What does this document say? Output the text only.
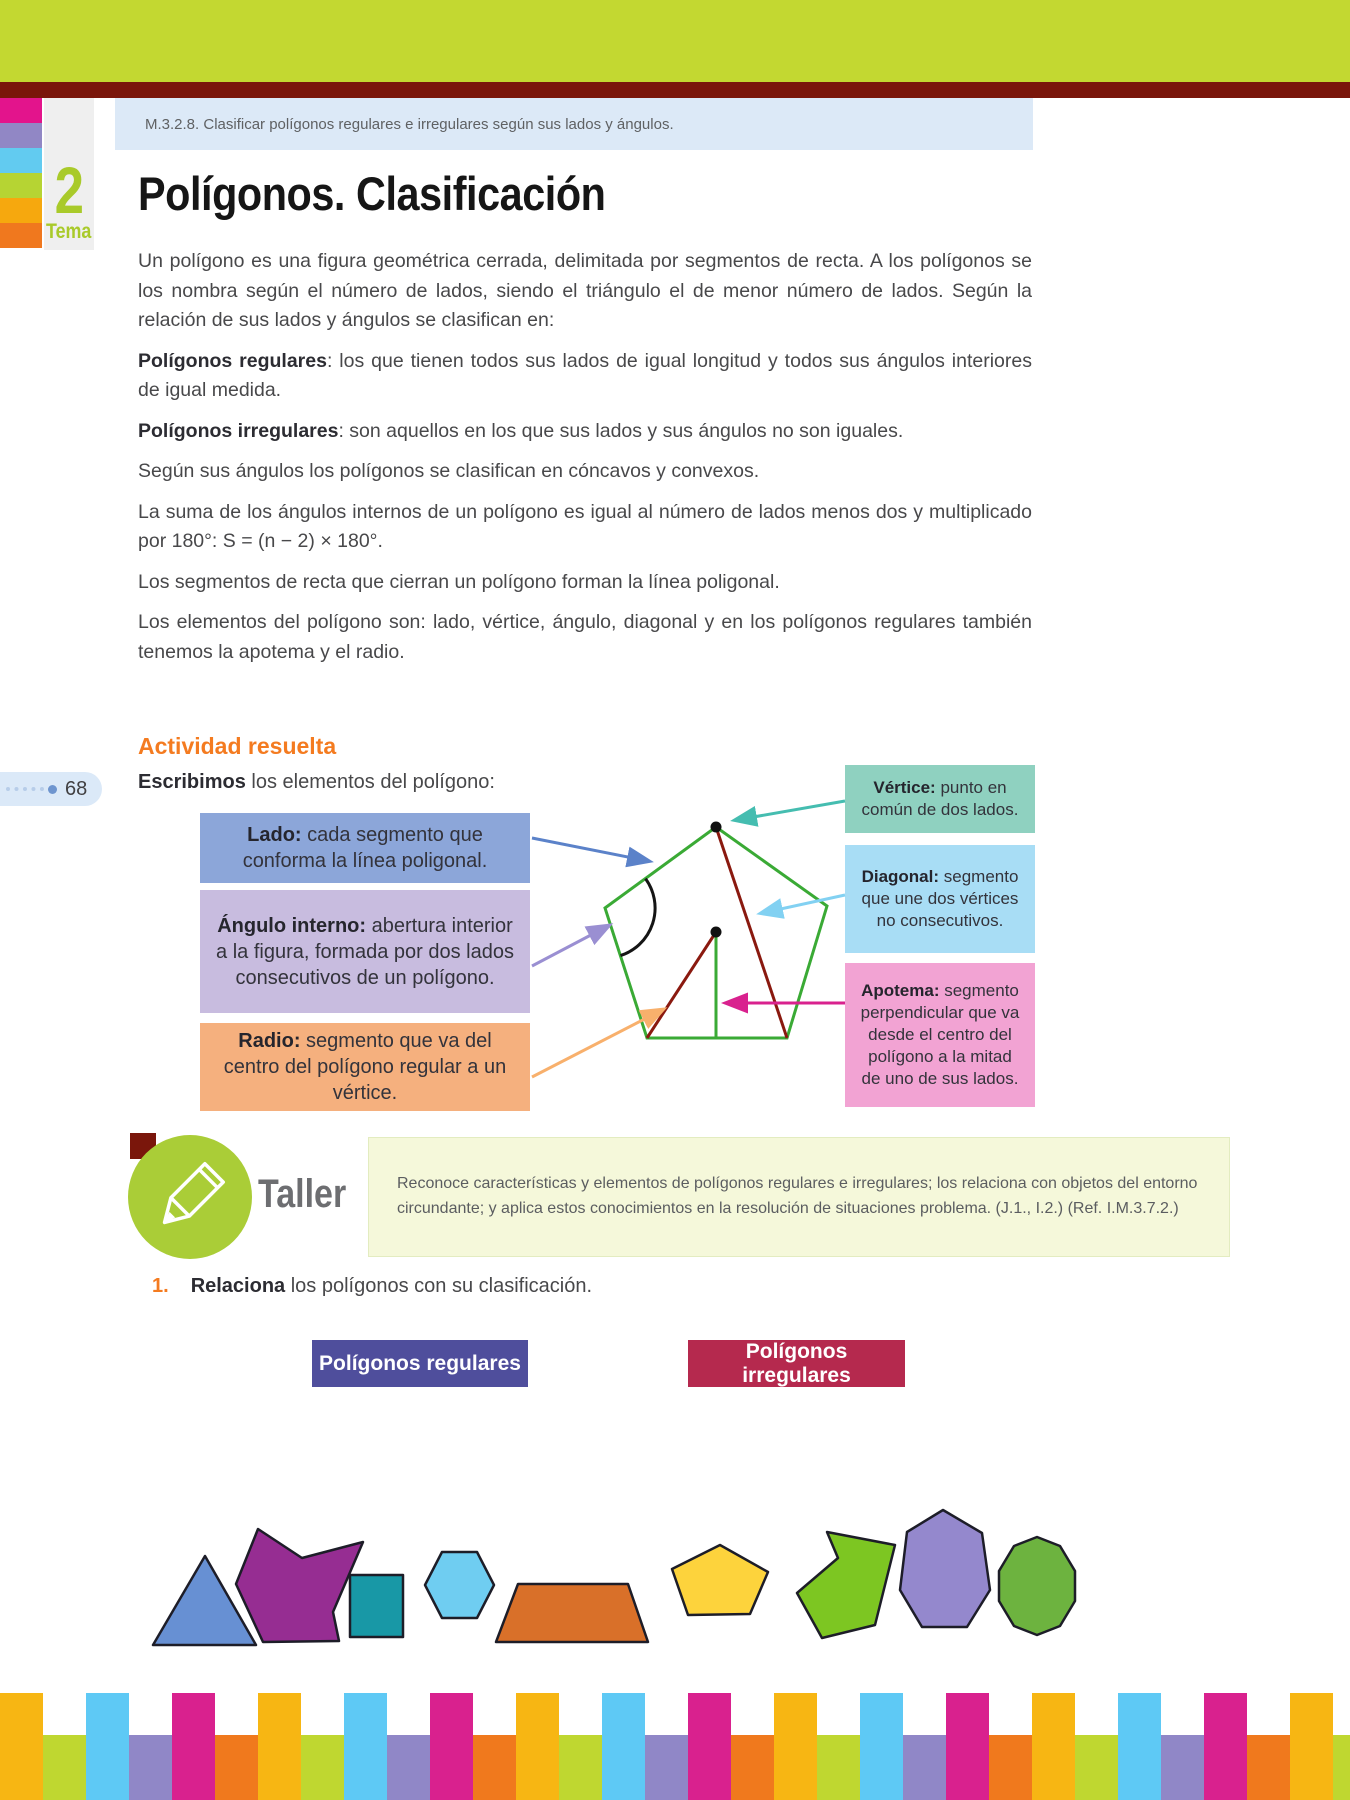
2
Tema
M.3.2.8. Clasificar polígonos regulares e irregulares según sus lados y ángulos.
Polígonos. Clasificación

Un polígono es una figura geométrica cerrada, delimitada por segmentos de recta. A los polígonos se los nombra según el número de lados, siendo el triángulo el de menor número de lados. Según la relación de sus lados y ángulos se clasifican en:

Polígonos regulares: los que tienen todos sus lados de igual longitud y todos sus ángulos interiores de igual medida.

Polígonos irregulares: son aquellos en los que sus lados y sus ángulos no son iguales.

Según sus ángulos los polígonos se clasifican en cóncavos y convexos.

La suma de los ángulos internos de un polígono es igual al número de lados menos dos y multiplicado por 180°: S = (n − 2) × 180°.

Los segmentos de recta que cierran un polígono forman la línea poligonal.

Los elementos del polígono son: lado, vértice, ángulo, diagonal y en los polígonos regulares también tenemos la apotema y el radio.

68
Actividad resuelta
Escribimos los elementos del polígono:
Lado: cada segmento que conforma la línea poligonal.
Ángulo interno: abertura interior a la figura, formada por dos lados consecutivos de un polígono.
Radio: segmento que va del centro del polígono regular a un vértice.
Vértice: punto en común de dos lados.
Diagonal: segmento que une dos vértices no consecutivos.
Apotema: segmento perpendicular que va desde el centro del polígono a la mitad de uno de sus lados.
Taller	Reconoce características y elementos de polígonos regulares e irregulares; los relaciona con objetos del entorno circundante; y aplica estos conocimientos en la resolución de situaciones problema. (J.1., I.2.) (Ref. I.M.3.7.2.)
1. Relaciona los polígonos con su clasificación.
Polígonos regulares
Polígonos irregulares
